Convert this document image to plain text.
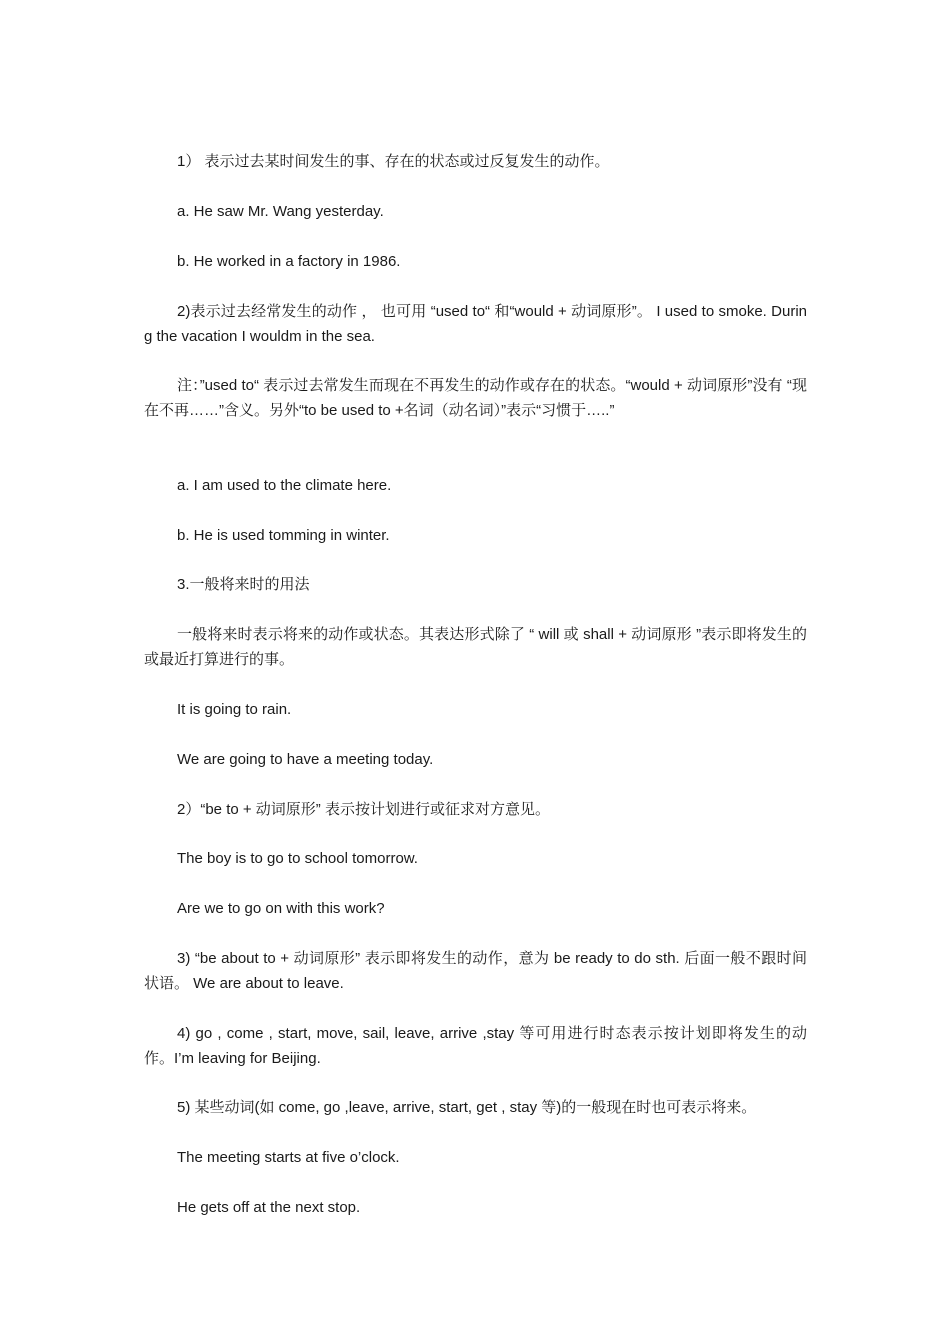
1） 表示过去某时间发生的事、存在的状态或过反复发生的动作。

a. He saw Mr. Wang yesterday.

b. He worked in a factory in 1986.

2)表示过去经常发生的动作 ， 也可用 “used to“ 和“would + 动词原形”。 I used to smoke. During the vacation I wouldm in the sea.

注：”used to“ 表示过去常发生而现在不再发生的动作或存在的状态。“would + 动词原形”没有 “现在不再……”含义。另外“to be used to +名词（动名词）”表示“习惯于…..”

a. I am used to the climate here.

b. He is used tomming in winter.

3.一般将来时的用法

一般将来时表示将来的动作或状态。其表达形式除了 “ will 或 shall + 动词原形 ”表示即将发生的或最近打算进行的事。

It is going to rain.

We are going to have a meeting today.

2）“be to + 动词原形” 表示按计划进行或征求对方意见。

The boy is to go to school tomorrow.

Are we to go on with this work?

3) “be about to + 动词原形” 表示即将发生的动作，意为 be ready to do sth. 后面一般不跟时间状语。 We are about to leave.

4) go , come , start, move, sail, leave, arrive ,stay 等可用进行时态表示按计划即将发生的动作。I’m leaving for Beijing.

5) 某些动词(如 come, go ,leave, arrive, start, get , stay 等)的一般现在时也可表示将来。

The meeting starts at five o’clock.

He gets off at the next stop.
